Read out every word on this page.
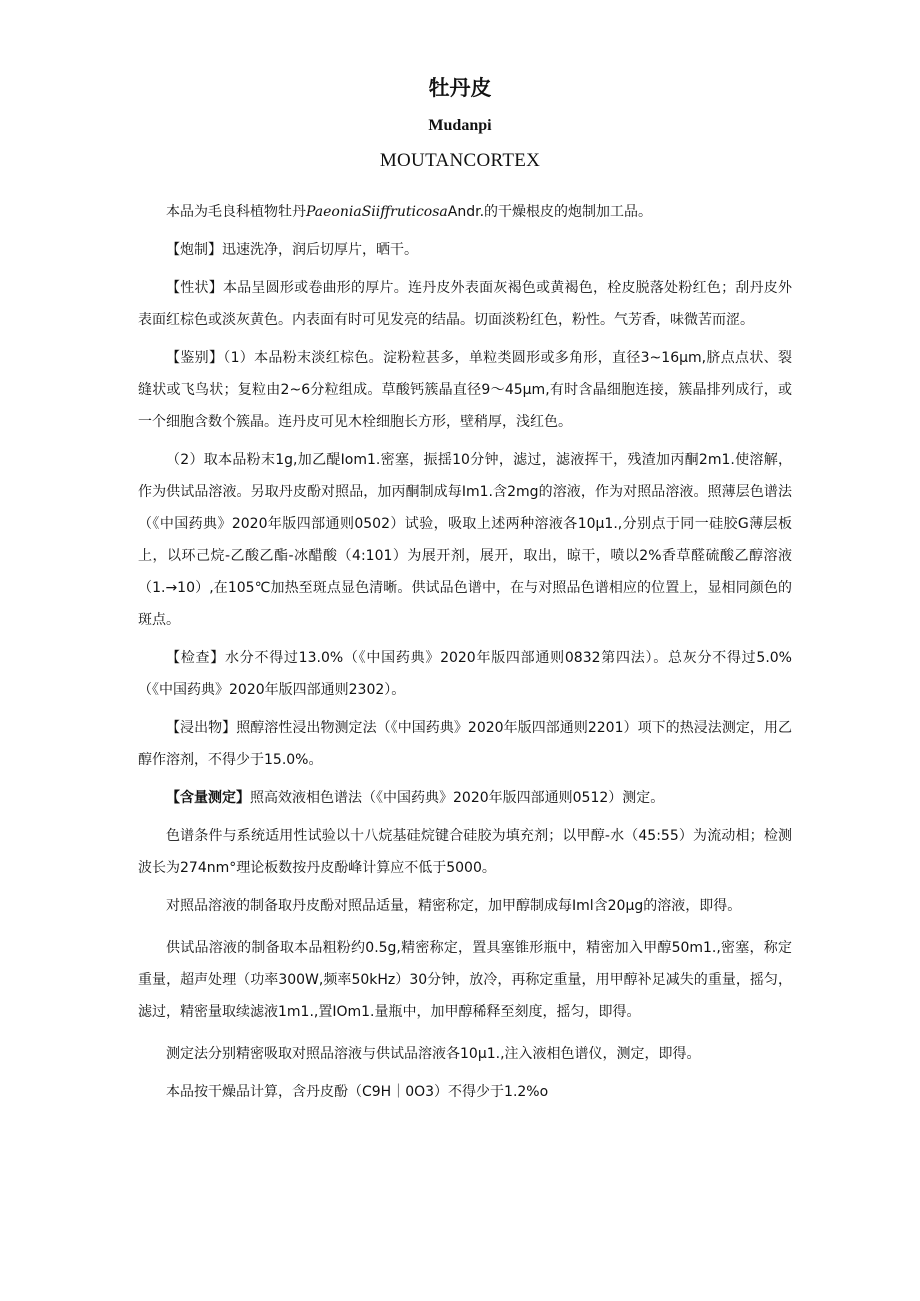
牡丹皮
Mudanpi
MOUTANCORTEX

本品为毛良科植物牡丹PaeoniaSiiffruticosaAndr.的干燥根皮的炮制加工品。

【炮制】迅速洗净，润后切厚片，晒干。

【性状】本品呈圆形或卷曲形的厚片。连丹皮外表面灰褐色或黄褐色，栓皮脱落处粉红色；刮丹皮外表面红棕色或淡灰黄色。内表面有时可见发亮的结晶。切面淡粉红色，粉性。气芳香，味微苦而涩。

【鉴别】（1）本品粉末淡红棕色。淀粉粒甚多，单粒类圆形或多角形，直径3~16μm,脐点点状、裂缝状或飞鸟状；复粒由2~6分粒组成。草酸钙簇晶直径9～45μm,有时含晶细胞连接，簇晶排列成行，或一个细胞含数个簇晶。连丹皮可见木栓细胞长方形，壁稍厚，浅红色。

（2）取本品粉末1g,加乙醍Iom1.密塞，振揺10分钟，滤过，滤液挥干，残渣加丙酮2m1.使溶解，作为供试品溶液。另取丹皮酚对照品，加丙酮制成每Im1.含2mg的溶液，作为对照品溶液。照薄层色谱法（《中国药典》2020年版四部通则0502）试验，吸取上述两种溶液各10μ1.,分别点于同一硅胶G薄层板上，以环己烷-乙酸乙酯-冰醋酸（4:101）为展开剂，展开，取出，晾干，喷以2%香草醛硫酸乙醇溶液（1.→10）,在105℃加热至斑点显色清晰。供试品色谱中，在与对照品色谱相应的位置上，显相同颜色的斑点。

【检查】水分不得过13.0%（《中国药典》2020年版四部通则0832第四法）。总灰分不得过5.0%（《中国药典》2020年版四部通则2302）。

【浸出物】照醇溶性浸出物测定法（《中国药典》2020年版四部通则2201）项下的热浸法测定，用乙醇作溶剂，不得少于15.0%。

【含量测定】照高效液相色谱法（《中国药典》2020年版四部通则0512）测定。

色谱条件与系统适用性试验以十八烷基硅烷键合硅胶为填充剂；以甲醇-水（45:55）为流动相；检测波长为274nm°理论板数按丹皮酚峰计算应不低于5000。

对照品溶液的制备取丹皮酚对照品适量，精密称定，加甲醇制成每Iml含20μg的溶液，即得。

供试品溶液的制备取本品粗粉约0.5g,精密称定，置具塞锥形瓶中，精密加入甲醇50m1.,密塞，称定重量，超声处理（功率300W,频率50kHz）30分钟，放冷，再称定重量，用甲醇补足减失的重量，摇匀，滤过，精密量取续滤液1m1.,置IOm1.量瓶中，加甲醇稀释至刻度，摇匀，即得。

测定法分别精密吸取对照品溶液与供试品溶液各10μ1.,注入液相色谱仪，测定，即得。

本品按干燥品计算，含丹皮酚（C9H｜0O3）不得少于1.2%o
